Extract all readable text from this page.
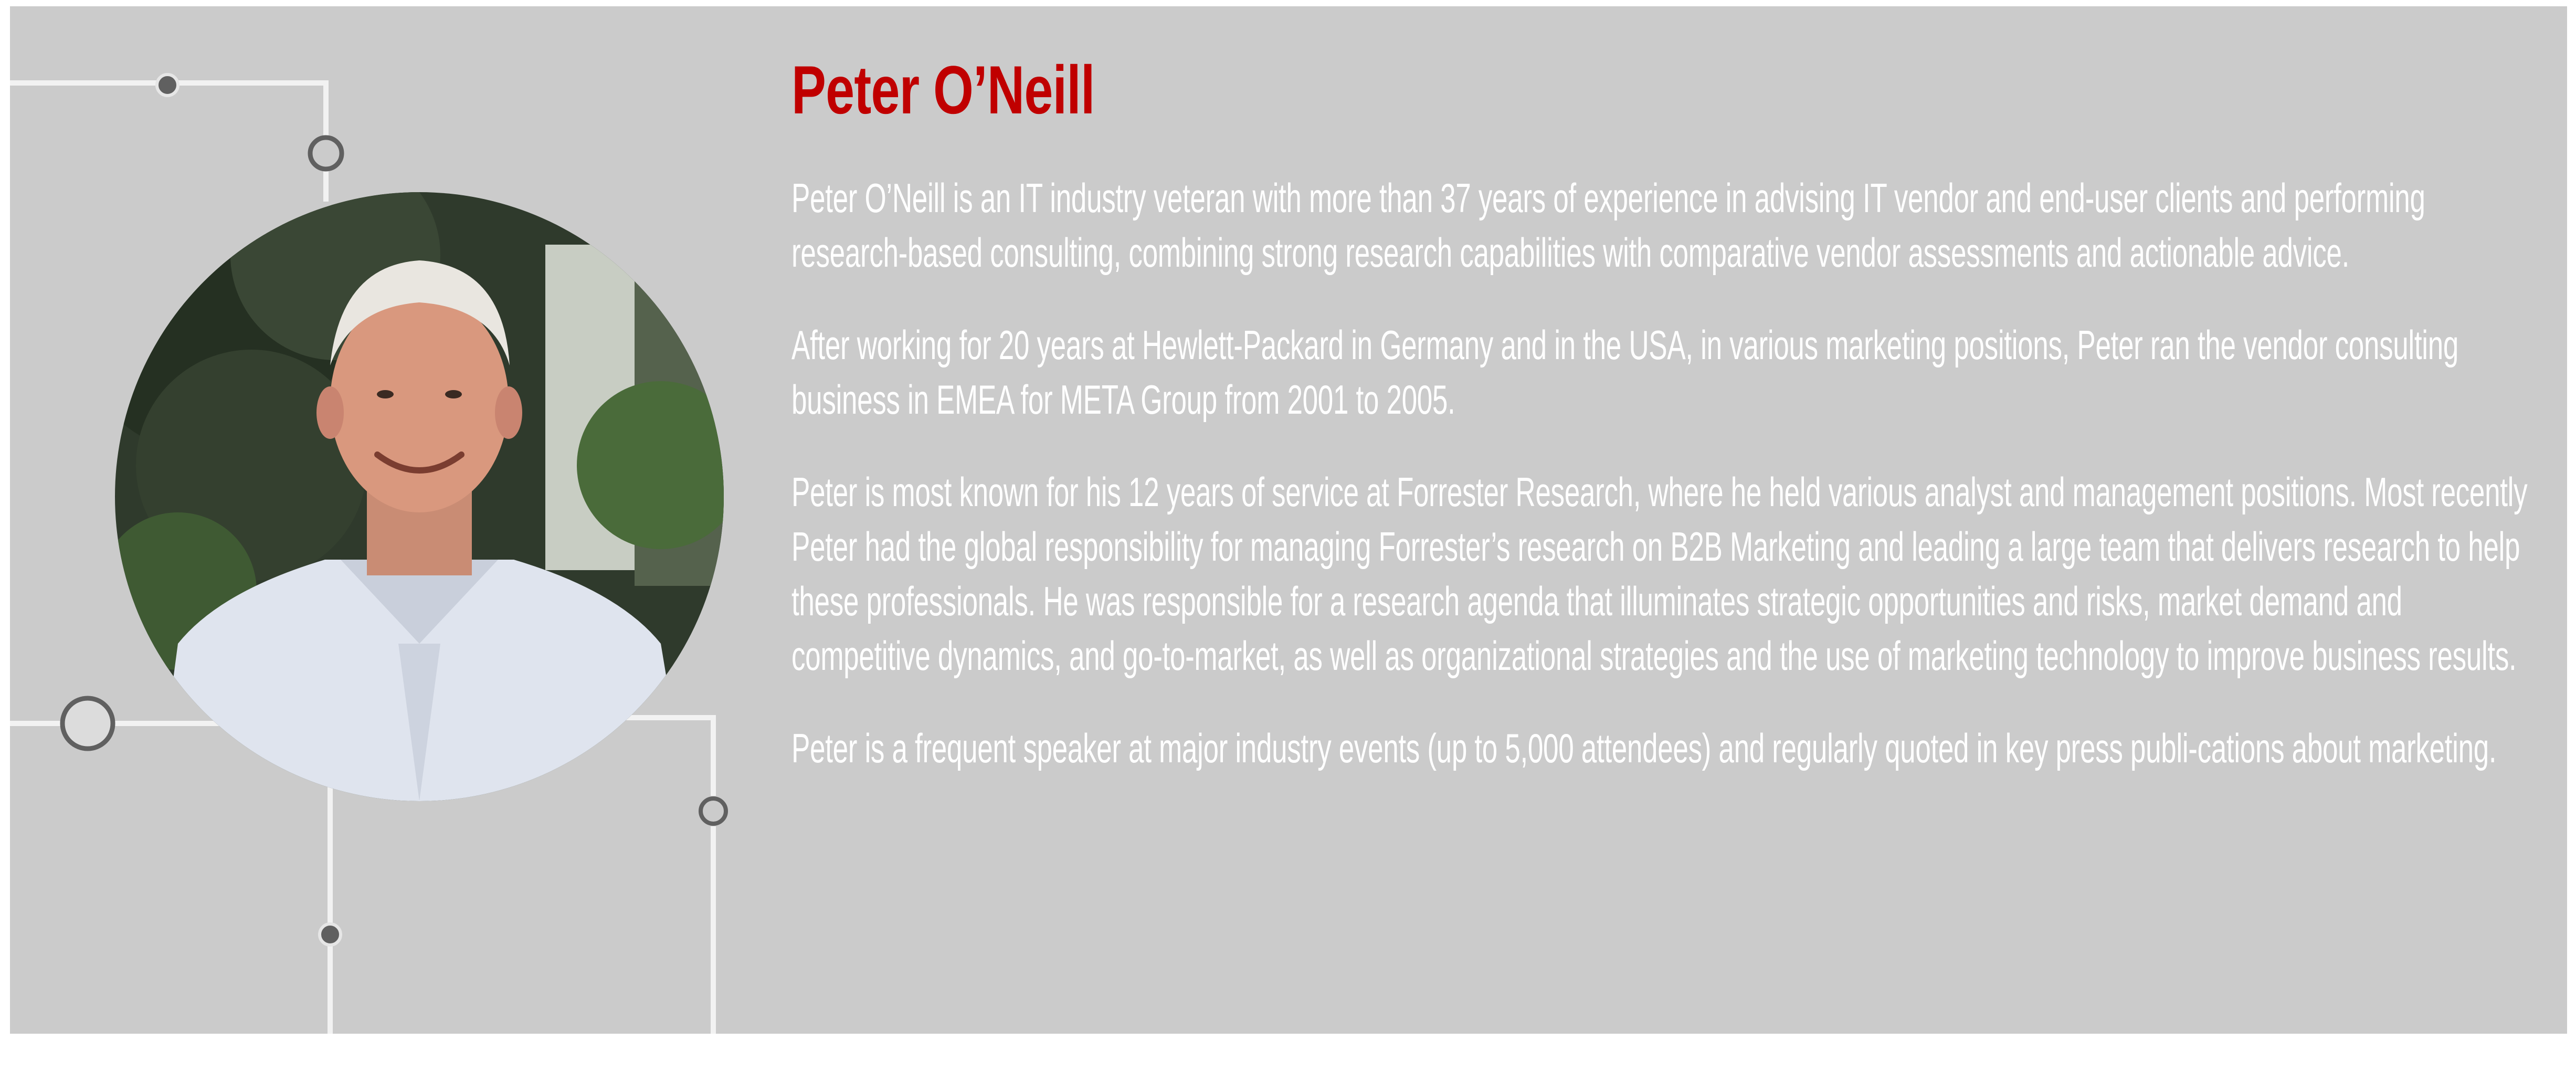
Peter O’Neill

Peter O’Neill is an IT industry veteran with more than 37 years of experience in advising IT vendor and end-user clients and performing research-based consulting, combining strong research capabilities with comparative vendor assessments and actionable advice.

After working for 20 years at Hewlett-Packard in Germany and in the USA, in various marketing positions, Peter ran the vendor consulting business in EMEA for META Group from 2001 to 2005.

Peter is most known for his 12 years of service at Forrester Research, where he held various analyst and management positions. Most recently Peter had the global responsibility for managing Forrester’s research on B2B Marketing and leading a large team that delivers research to help these professionals. He was responsible for a research agenda that illuminates strategic opportunities and risks, market demand and competitive dynamics, and go-to-market, as well as organizational strategies and the use of marketing technology to improve business results.

Peter is a frequent speaker at major industry events (up to 5,000 attendees) and regularly quoted in key press publi-cations about marketing.
